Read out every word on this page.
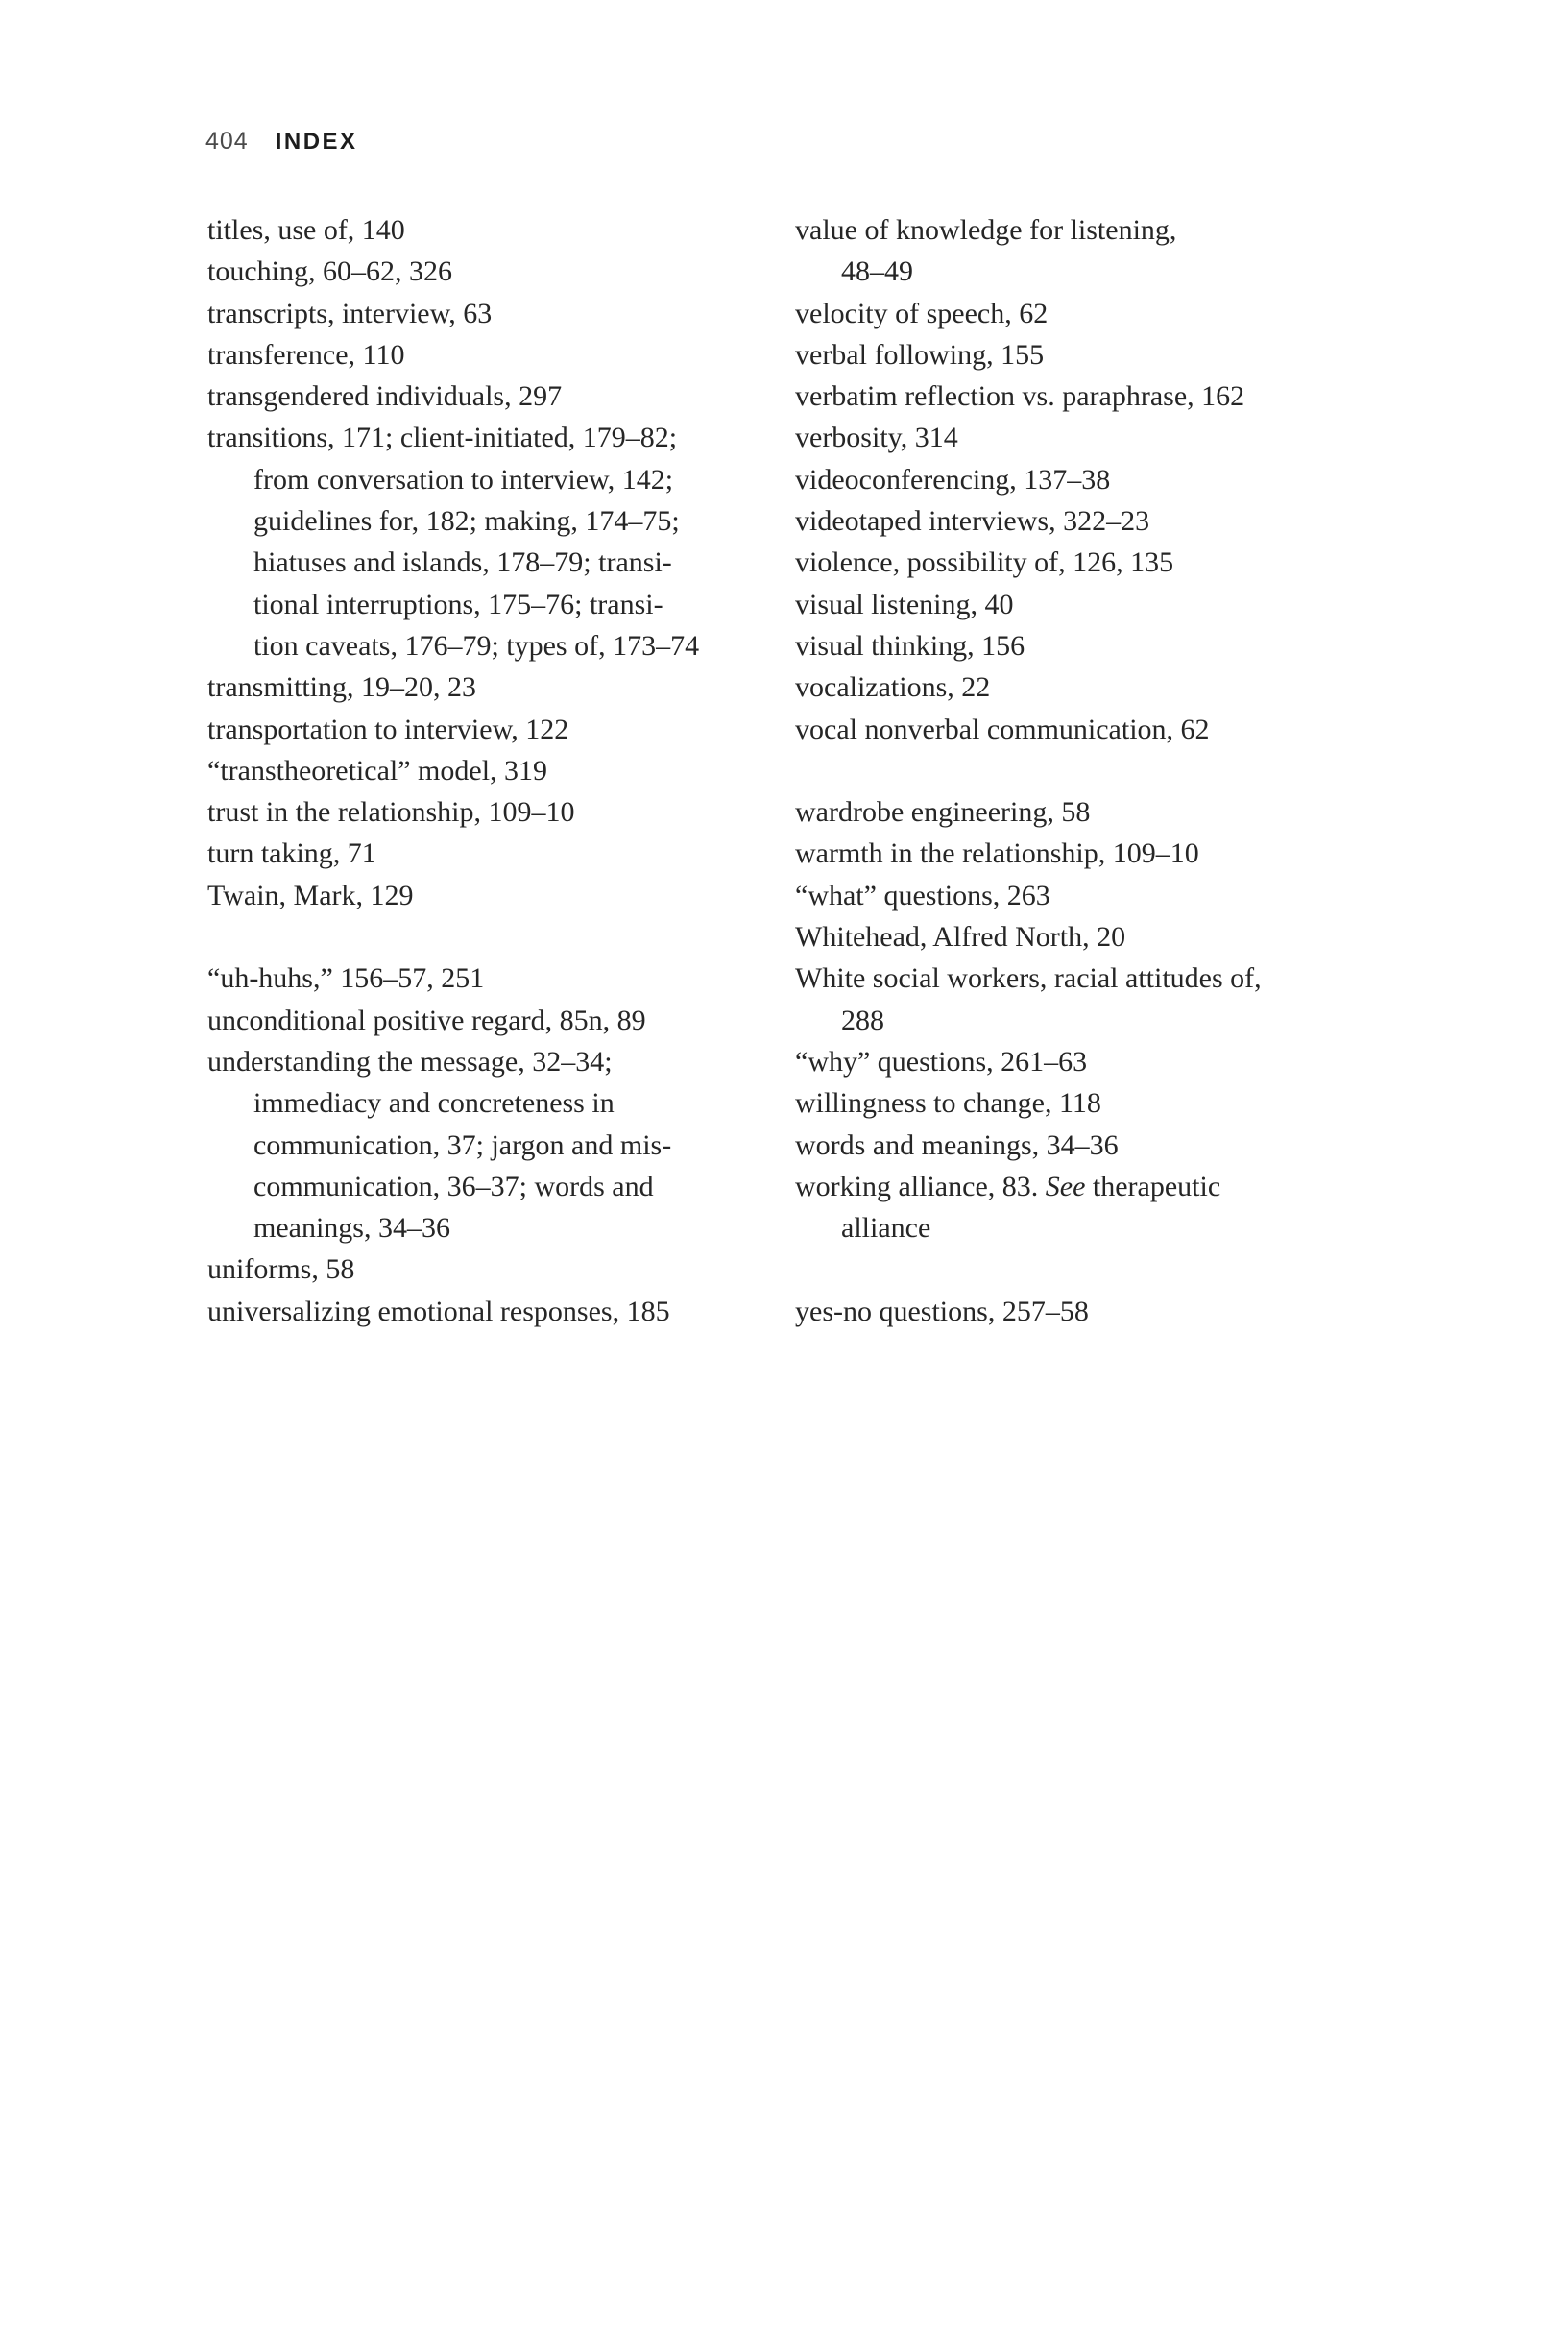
404 INDEX
titles, use of, 140
touching, 60–62, 326
transcripts, interview, 63
transference, 110
transgendered individuals, 297
transitions, 171; client-initiated, 179–82;
from conversation to interview, 142;
guidelines for, 182; making, 174–75;
hiatuses and islands, 178–79; transi-
tional interruptions, 175–76; transi-
tion caveats, 176–79; types of, 173–74
transmitting, 19–20, 23
transportation to interview, 122
“transtheoretical” model, 319
trust in the relationship, 109–10
turn taking, 71
Twain, Mark, 129
“uh-huhs,” 156–57, 251
unconditional positive regard, 85n, 89
understanding the message, 32–34;
immediacy and concreteness in
communication, 37; jargon and mis-
communication, 36–37; words and
meanings, 34–36
uniforms, 58
universalizing emotional responses, 185
value of knowledge for listening,
48–49
velocity of speech, 62
verbal following, 155
verbatim reflection vs. paraphrase, 162
verbosity, 314
videoconferencing, 137–38
videotaped interviews, 322–23
violence, possibility of, 126, 135
visual listening, 40
visual thinking, 156
vocalizations, 22
vocal nonverbal communication, 62
wardrobe engineering, 58
warmth in the relationship, 109–10
“what” questions, 263
Whitehead, Alfred North, 20
White social workers, racial attitudes of,
288
“why” questions, 261–63
willingness to change, 118
words and meanings, 34–36
working alliance, 83. See therapeutic
alliance
yes-no questions, 257–58
